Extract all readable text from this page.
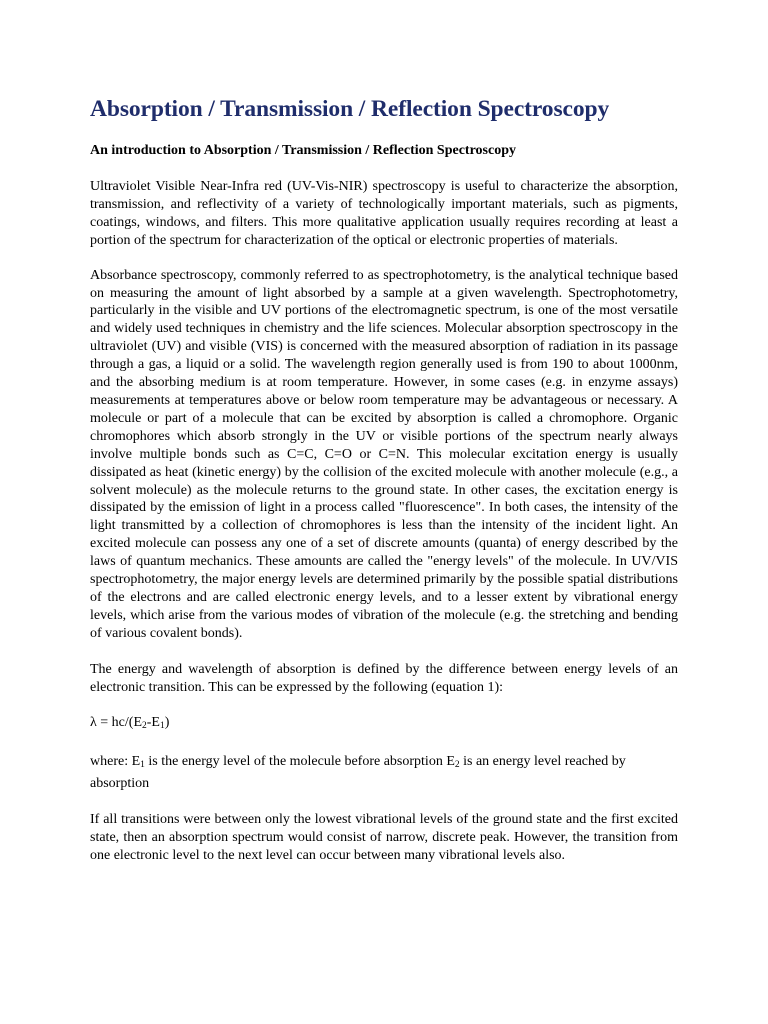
Absorption / Transmission / Reflection Spectroscopy

An introduction to Absorption / Transmission / Reflection Spectroscopy

Ultraviolet Visible Near-Infra red (UV-Vis-NIR) spectroscopy is useful to characterize the absorption, transmission, and reflectivity of a variety of technologically important materials, such as pigments, coatings, windows, and filters. This more qualitative application usually requires recording at least a portion of the spectrum for characterization of the optical or electronic properties of materials.

Absorbance spectroscopy, commonly referred to as spectrophotometry, is the analytical technique based on measuring the amount of light absorbed by a sample at a given wavelength. Spectrophotometry, particularly in the visible and UV portions of the electromagnetic spectrum, is one of the most versatile and widely used techniques in chemistry and the life sciences. Molecular absorption spectroscopy in the ultraviolet (UV) and visible (VIS) is concerned with the measured absorption of radiation in its passage through a gas, a liquid or a solid. The wavelength region generally used is from 190 to about 1000nm, and the absorbing medium is at room temperature. However, in some cases (e.g. in enzyme assays) measurements at temperatures above or below room temperature may be advantageous or necessary. A molecule or part of a molecule that can be excited by absorption is called a chromophore. Organic chromophores which absorb strongly in the UV or visible portions of the spectrum nearly always involve multiple bonds such as C=C, C=O or C=N. This molecular excitation energy is usually dissipated as heat (kinetic energy) by the collision of the excited molecule with another molecule (e.g., a solvent molecule) as the molecule returns to the ground state. In other cases, the excitation energy is dissipated by the emission of light in a process called "fluorescence". In both cases, the intensity of the light transmitted by a collection of chromophores is less than the intensity of the incident light. An excited molecule can possess any one of a set of discrete amounts (quanta) of energy described by the laws of quantum mechanics. These amounts are called the "energy levels" of the molecule. In UV/VIS spectrophotometry, the major energy levels are determined primarily by the possible spatial distributions of the electrons and are called electronic energy levels, and to a lesser extent by vibrational energy levels, which arise from the various modes of vibration of the molecule (e.g. the stretching and bending of various covalent bonds).

The energy and wavelength of absorption is defined by the difference between energy levels of an electronic transition. This can be expressed by the following (equation 1):

$\lambda = hc/(E_2-E_1)$

where: $E_1$ is the energy level of the molecule before absorption $E_2$ is an energy level reached by absorption

If all transitions were between only the lowest vibrational levels of the ground state and the first excited state, then an absorption spectrum would consist of narrow, discrete peak. However, the transition from one electronic level to the next level can occur between many vibrational levels also.
